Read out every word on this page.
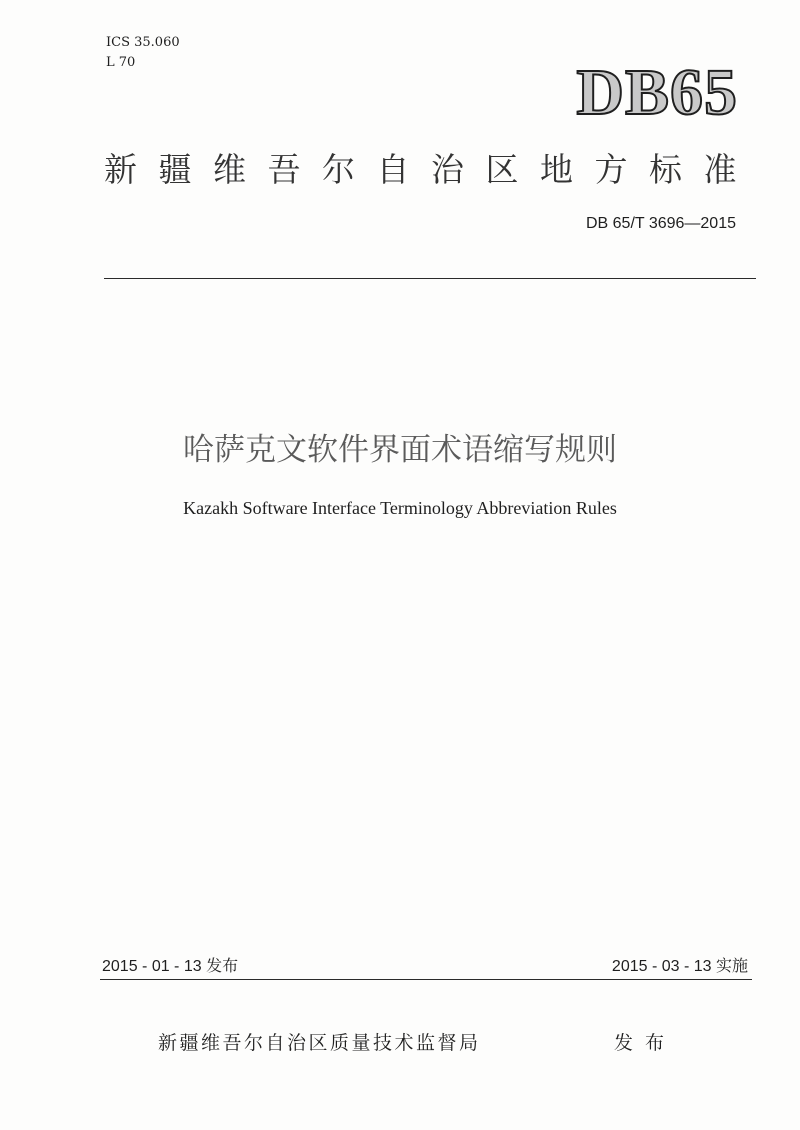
ICS 35.060
L 70	DB65
新疆维吾尔自治区地方标准
DB 65/T 3696—2015
哈萨克文软件界面术语缩写规则
Kazakh Software Interface Terminology Abbreviation Rules
2015 - 01 - 13 发布	2015 - 03 - 13 实施
新疆维吾尔自治区质量技术监督局	发布
